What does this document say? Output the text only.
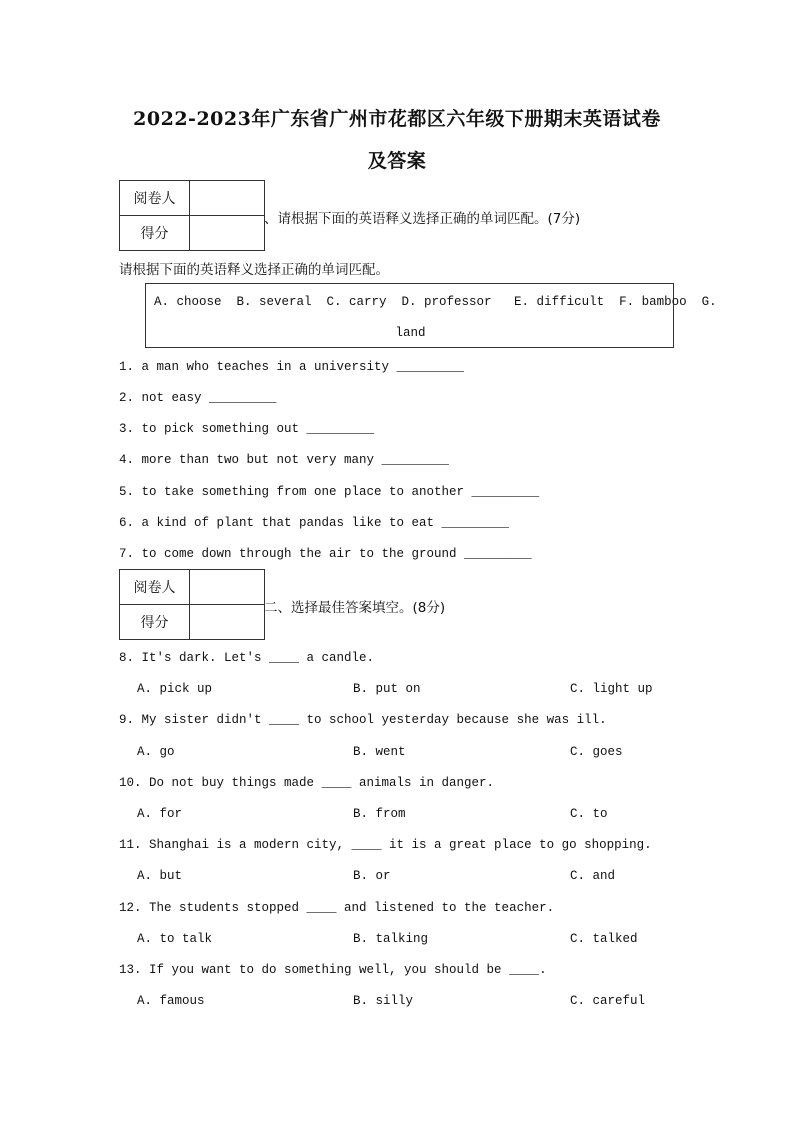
2022-2023年广东省广州市花都区六年级下册期末英语试卷
及答案
阅卷人	
得分	
、请根据下面的英语释义选择正确的单词匹配。(7分)
请根据下面的英语释义选择正确的单词匹配。
A. choose  B. several  C. carry  D. professor   E. difficult  F. bamboo  G.
land
1. a man who teaches in a university _________
2. not easy _________
3. to pick something out _________
4. more than two but not very many _________
5. to take something from one place to another _________
6. a kind of plant that pandas like to eat _________
7. to come down through the air to the ground _________
阅卷人	
得分	
二、选择最佳答案填空。(8分)
8. It's dark. Let's ____ a candle.
A. pick up	B. put on	C. light up
9. My sister didn't ____ to school yesterday because she was ill.
A. go	B. went	C. goes
10. Do not buy things made ____ animals in danger.
A. for	B. from	C. to
11. Shanghai is a modern city, ____ it is a great place to go shopping.
A. but	B. or	C. and
12. The students stopped ____ and listened to the teacher.
A. to talk	B. talking	C. talked
13. If you want to do something well, you should be ____.
A. famous	B. silly	C. careful
